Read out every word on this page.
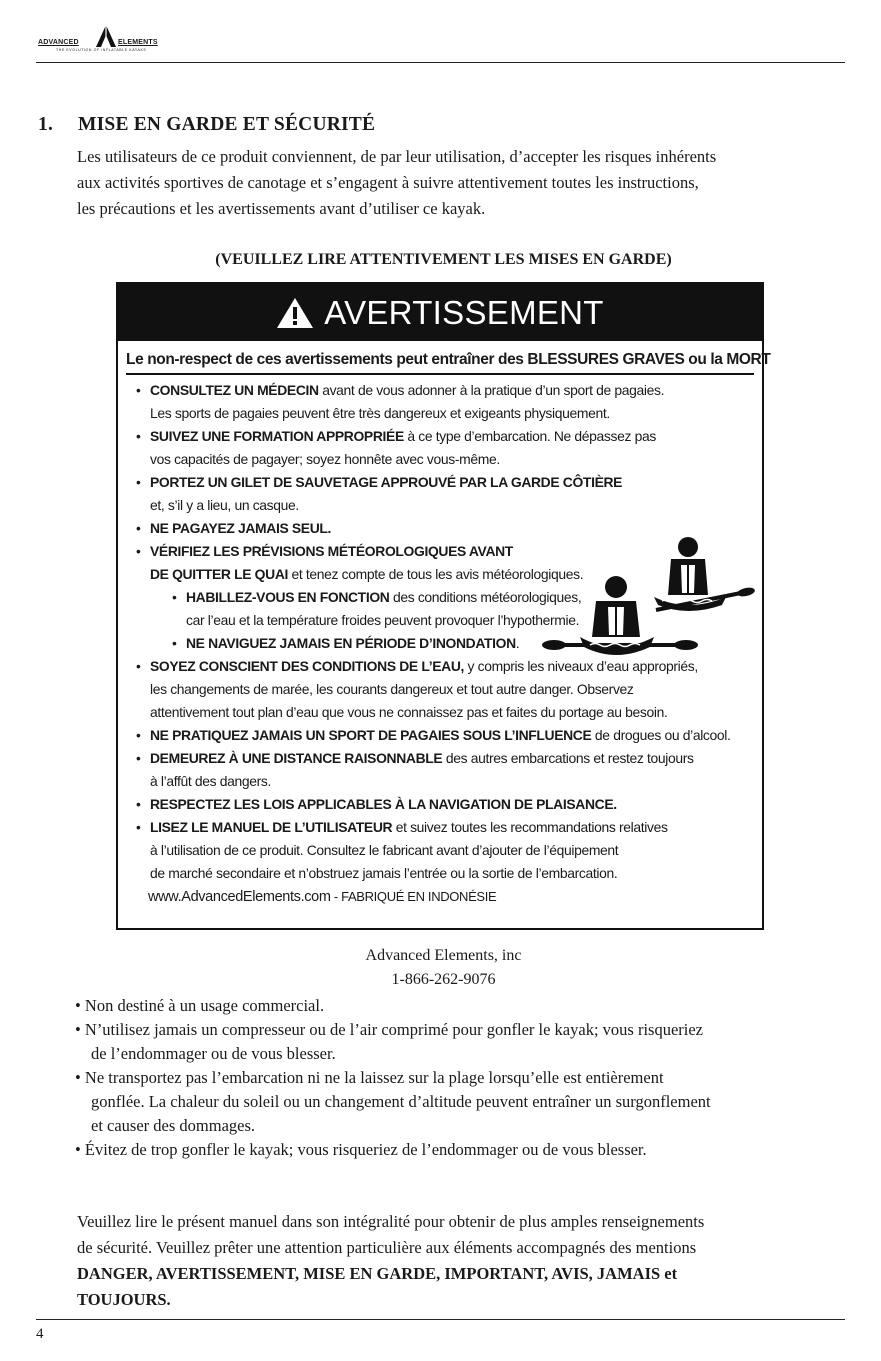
ADVANCED	ELEMENTS
THE EVOLUTION OF INFLATABLE KAYAKS
1. MISE EN GARDE ET SÉCURITÉ

Les utilisateurs de ce produit conviennent, de par leur utilisation, d’accepter les risques inhérents

aux activités sportives de canotage et s’engagent à suivre attentivement toutes les instructions,

les précautions et les avertissements avant d’utiliser ce kayak.

(VEUILLEZ LIRE ATTENTIVEMENT LES MISES EN GARDE)
AVERTISSEMENT
Le non-respect de ces avertissements peut entraîner des BLESSURES GRAVES ou la MORT
• CONSULTEZ UN MÉDECIN avant de vous adonner à la pratique d’un sport de pagaies.
Les sports de pagaies peuvent être très dangereux et exigeants physiquement.
• SUIVEZ UNE FORMATION APPROPRIÉE à ce type d’embarcation. Ne dépassez pas
vos capacités de pagayer; soyez honnête avec vous-même.
• PORTEZ UN GILET DE SAUVETAGE APPROUVÉ PAR LA GARDE CÔTIÈRE
et, s’il y a lieu, un casque.
• NE PAGAYEZ JAMAIS SEUL.
• VÉRIFIEZ LES PRÉVISIONS MÉTÉOROLOGIQUES AVANT
DE QUITTER LE QUAI et tenez compte de tous les avis météorologiques.
• HABILLEZ-VOUS EN FONCTION des conditions météorologiques,
car l’eau et la température froides peuvent provoquer l’hypothermie.
• NE NAVIGUEZ JAMAIS EN PÉRIODE D’INONDATION.
• SOYEZ CONSCIENT DES CONDITIONS DE L’EAU, y compris les niveaux d’eau appropriés,
les changements de marée, les courants dangereux et tout autre danger. Observez
attentivement tout plan d’eau que vous ne connaissez pas et faites du portage au besoin.
• NE PRATIQUEZ JAMAIS UN SPORT DE PAGAIES SOUS L’INFLUENCE de drogues ou d’alcool.
• DEMEUREZ À UNE DISTANCE RAISONNABLE des autres embarcations et restez toujours
à l’affût des dangers.
• RESPECTEZ LES LOIS APPLICABLES À LA NAVIGATION DE PLAISANCE.
• LISEZ LE MANUEL DE L’UTILISATEUR et suivez toutes les recommandations relatives
à l’utilisation de ce produit. Consultez le fabricant avant d’ajouter de l’équipement
de marché secondaire et n’obstruez jamais l’entrée ou la sortie de l’embarcation.
www.AdvancedElements.com - FABRIQUÉ EN INDONÉSIE
Advanced Elements, inc
1-866-262-9076
• Non destiné à un usage commercial.
• N’utilisez jamais un compresseur ou de l’air comprimé pour gonfler le kayak; vous risqueriez
de l’endommager ou de vous blesser.
• Ne transportez pas l’embarcation ni ne la laissez sur la plage lorsqu’elle est entièrement
gonflée. La chaleur du soleil ou un changement d’altitude peuvent entraîner un surgonflement
et causer des dommages.
• Évitez de trop gonfler le kayak; vous risqueriez de l’endommager ou de vous blesser.

Veuillez lire le présent manuel dans son intégralité pour obtenir de plus amples renseignements

de sécurité. Veuillez prêter une attention particulière aux éléments accompagnés des mentions

DANGER, AVERTISSEMENT, MISE EN GARDE, IMPORTANT, AVIS, JAMAIS et

TOUJOURS.

4
